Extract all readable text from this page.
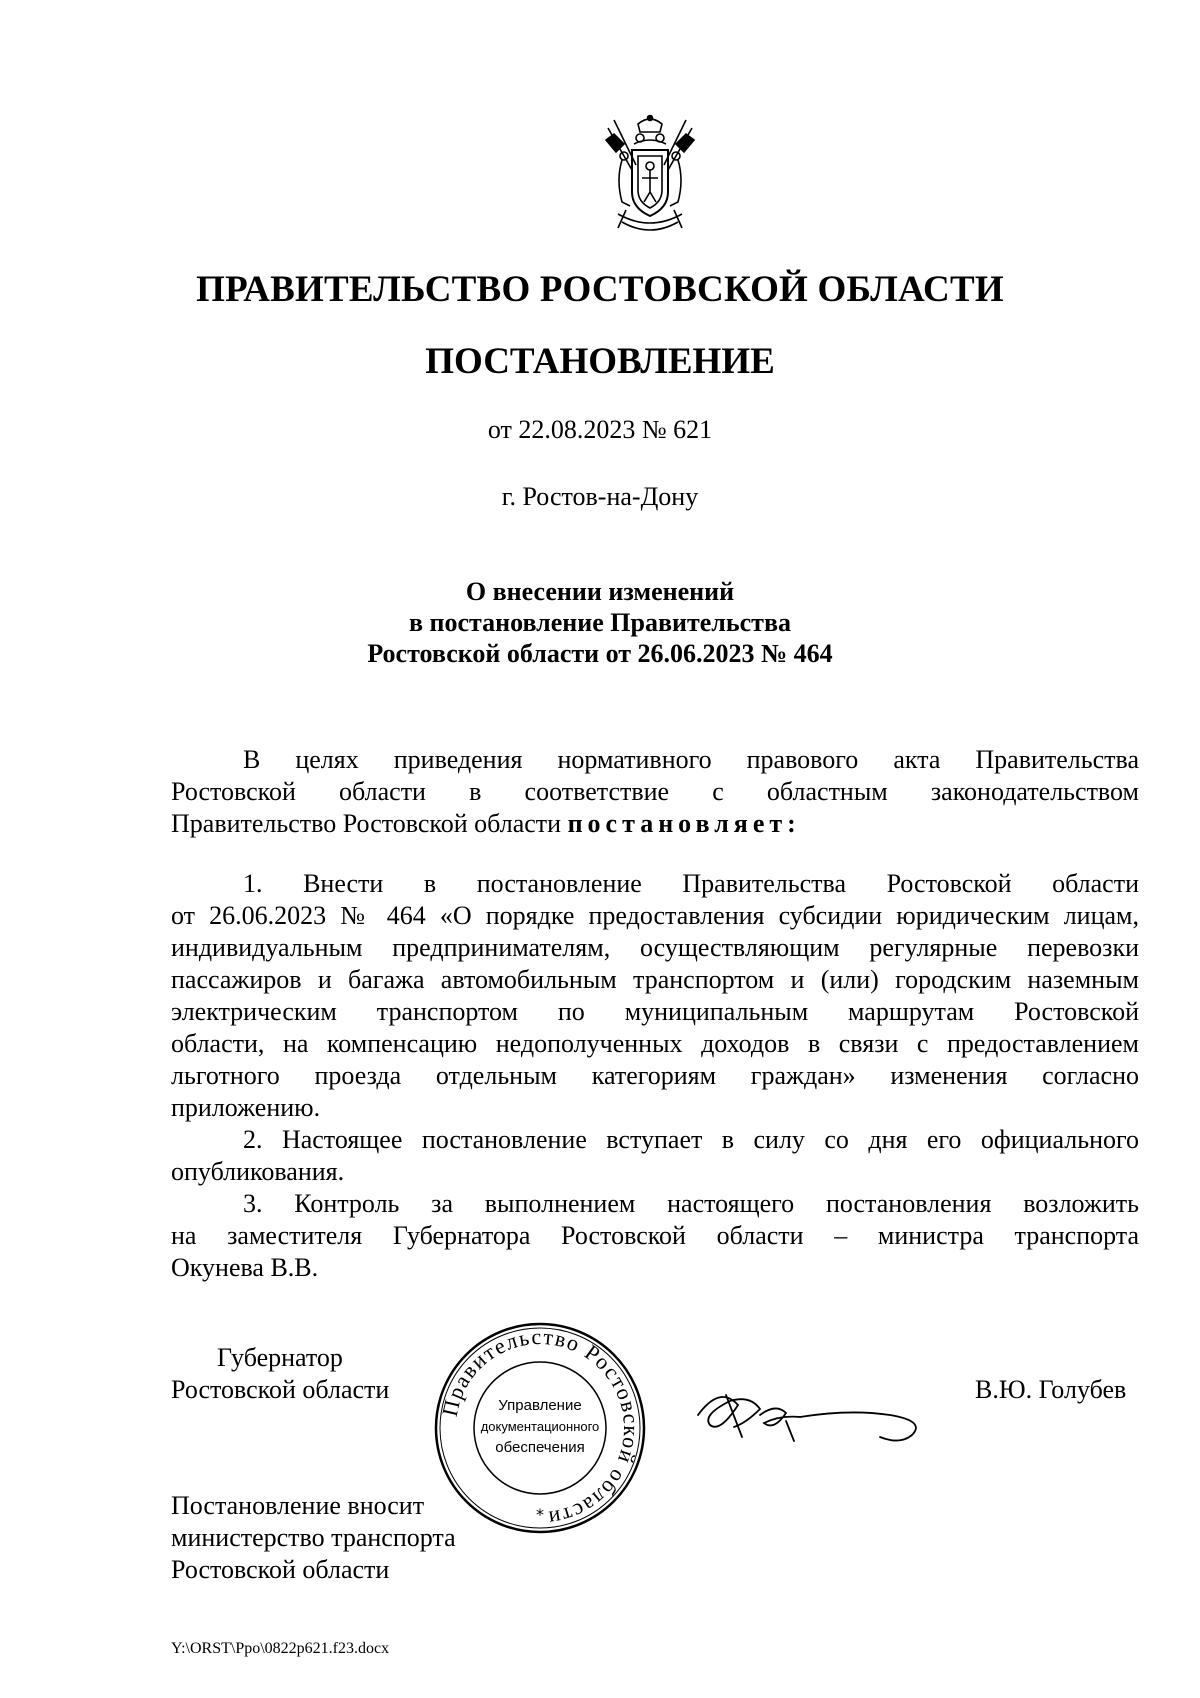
ПРАВИТЕЛЬСТВО РОСТОВСКОЙ ОБЛАСТИ
ПОСТАНОВЛЕНИЕ
от 22.08.2023 № 621
г. Ростов-на-Дону
О внесении изменений
в постановление Правительства
Ростовской области от 26.06.2023 № 464
В целях приведения нормативного правового акта Правительства
Ростовской области в соответствие с областным законодательством
Правительство Ростовской области постановляет:
1. Внести в постановление Правительства Ростовской области
от 26.06.2023 № 464 «О порядке предоставления субсидии юридическим лицам,
индивидуальным предпринимателям, осуществляющим регулярные перевозки
пассажиров и багажа автомобильным транспортом и (или) городским наземным
электрическим транспортом по муниципальным маршрутам Ростовской
области, на компенсацию недополученных доходов в связи с предоставлением
льготного проезда отдельным категориям граждан» изменения согласно
приложению.
2. Настоящее постановление вступает в силу со дня его официального
опубликования.
3. Контроль за выполнением настоящего постановления возложить
на заместителя Губернатора Ростовской области – министра транспорта
Окунева В.В.
Губернатор
Ростовской области	В.Ю. Голубев
Правительство Ростовской области
Управление
документационного
обеспечения
*
Постановление вносит
министерство транспорта
Ростовской области
Y:\ORST\Ppo\0822p621.f23.docx
